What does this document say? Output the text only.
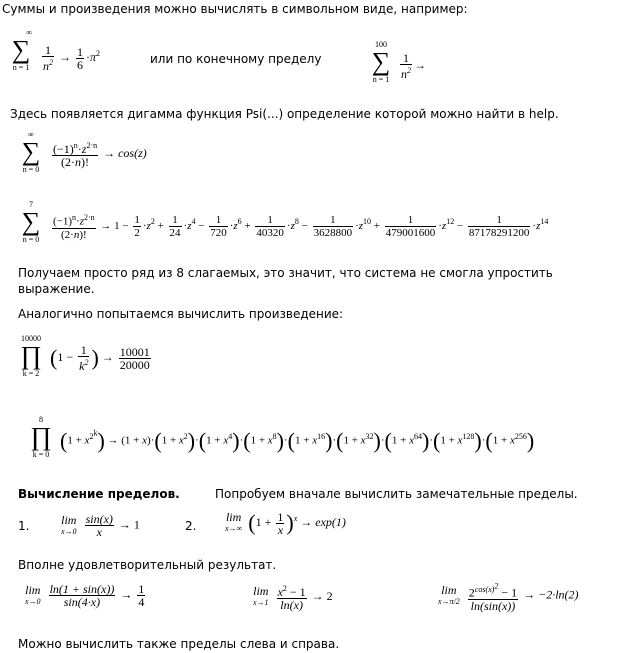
Суммы и произведения можно вычислять в символьном виде, например:
∞
∑
n = 1	$\frac{1}{n^2} \to \frac{1}{6} \cdot\pi^2$	или по конечному пределу
100
∑
$n = 1 \frac{1}{n^2}$ →
Здесь появляется дигамма функция Psi(...) определение которой можно найти в help.
∞
∑
n = 0
$\frac{(-1)^n\cdot z^{2\cdot n}}{(2\cdot n)!} \to \cos(z)$
7
∑
n = 0	$\frac{(-1)^n\cdot z^{2\cdot n}}{(2\cdot n)!} \to 1 - \frac{1}{2} \cdot z^2 + \frac{1}{24} \cdot z^4 - \frac{1}{720} \cdot z^6 + \frac{1}{40320} \cdot z^8 - \frac{1}{3628800} \cdot z^{10} + \frac{1}{479001600} \cdot z^{12} - \frac{1}{87178291200} \cdot z^{14}$
Получаем просто ряд из 8 слагаемых, это значит, что система не смогла упростить выражение.
Аналогично попытаемся вычислить произведение:
10000
∏
k = 2
($1 - \frac{1}{k^2}$ ) → $\frac{10001}{20000}$
8
∏
k = 0
$(1 + x^{2^k}) \to (1 + x)\cdot(1 + x^2)\cdot(1 + x^4)\cdot(1 + x^8)\cdot(1 + x^{16})\cdot(1 + x^{32})\cdot(1 + x^{64})\cdot(1 + x^{128})\cdot(1 + x^{256})$
Вычисление пределов.	Попробуем вначале вычислить замечательные пределы.
1.	lim
x→0
$\frac{\sin(x)}{x} \to 1$	2.
lim
x→∞ $(1 + \frac{1}{x} )^x \to \exp(1)$
Вполне удовлетворительный результат.
lim
x→0
$\frac{\ln(1 + \sin(x))}{\sin(4\cdot x)} \to \frac{1}{4}$	lim
x→1
$\frac{x^2 - 1}{\ln(x)} \to 2$	lim
x→π/2
$\frac{2^{cos(x)^2} - 1}{\ln(\sin(x))} \to -2\cdot\ln(2)$
Можно вычислить также пределы слева и справа.
